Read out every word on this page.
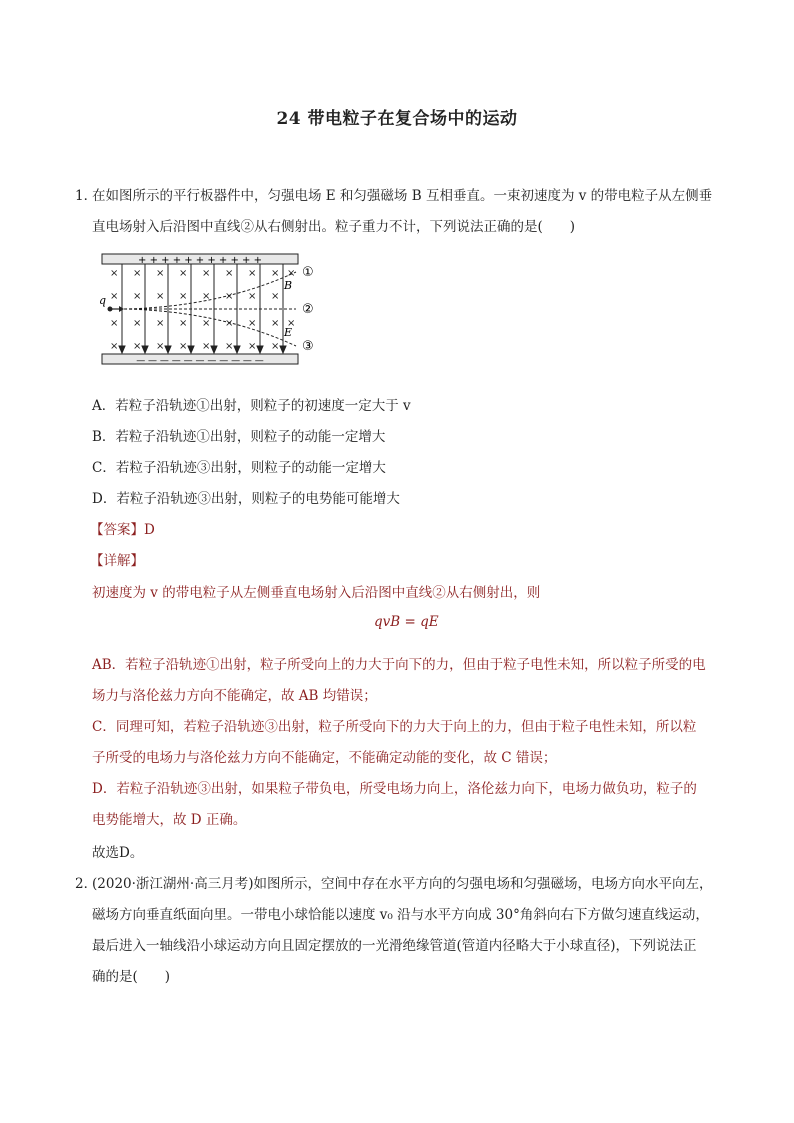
24 带电粒子在复合场中的运动
1．
在如图所示的平行板器件中，匀强电场 E 和匀强磁场 B 互相垂直。一束初速度为 v 的带电粒子从左侧垂
直电场射入后沿图中直线②从右侧射出。粒子重力不计，下列说法正确的是(　　)
+ + + + + + + + + + +
— — — — — — — — — — —
× × × × × × × × ×
× × × × × × × ×
× × × × × × × × ×
× × × × × × × ×
q
B
E
①
②
③
A．若粒子沿轨迹①出射，则粒子的初速度一定大于 v
B．若粒子沿轨迹①出射，则粒子的动能一定增大
C．若粒子沿轨迹③出射，则粒子的动能一定增大
D．若粒子沿轨迹③出射，则粒子的电势能可能增大
【答案】D
【详解】
初速度为 v 的带电粒子从左侧垂直电场射入后沿图中直线②从右侧射出，则
qvB = qE
AB．若粒子沿轨迹①出射，粒子所受向上的力大于向下的力，但由于粒子电性未知，所以粒子所受的电
场力与洛伦兹力方向不能确定，故 AB 均错误；
C．同理可知，若粒子沿轨迹③出射，粒子所受向下的力大于向上的力，但由于粒子电性未知，所以粒
子所受的电场力与洛伦兹力方向不能确定，不能确定动能的变化，故 C 错误；
D．若粒子沿轨迹③出射，如果粒子带负电，所受电场力向上，洛伦兹力向下，电场力做负功，粒子的
电势能增大，故 D 正确。
故选D。
2．
(2020·浙江湖州·高三月考)如图所示，空间中存在水平方向的匀强电场和匀强磁场，电场方向水平向左，
磁场方向垂直纸面向里。一带电小球恰能以速度 v₀ 沿与水平方向成 30°角斜向右下方做匀速直线运动，
最后进入一轴线沿小球运动方向且固定摆放的一光滑绝缘管道(管道内径略大于小球直径)，下列说法正
确的是(　　)
